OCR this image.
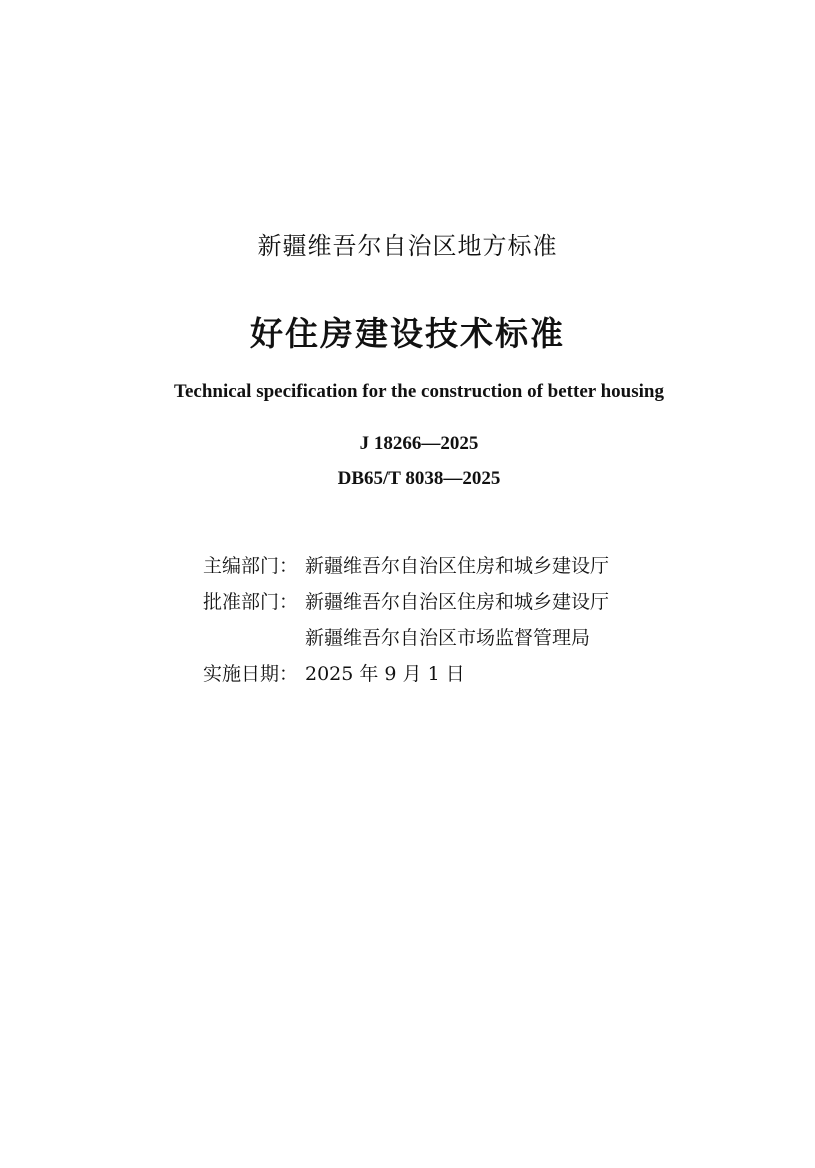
新疆维吾尔自治区地方标准
好住房建设技术标准
Technical specification for the construction of better housing
J 18266—2025
DB65/T 8038—2025
主编部门： 新疆维吾尔自治区住房和城乡建设厅
批准部门： 新疆维吾尔自治区住房和城乡建设厅
新疆维吾尔自治区市场监督管理局
实施日期： 2025 年 9 月 1 日
